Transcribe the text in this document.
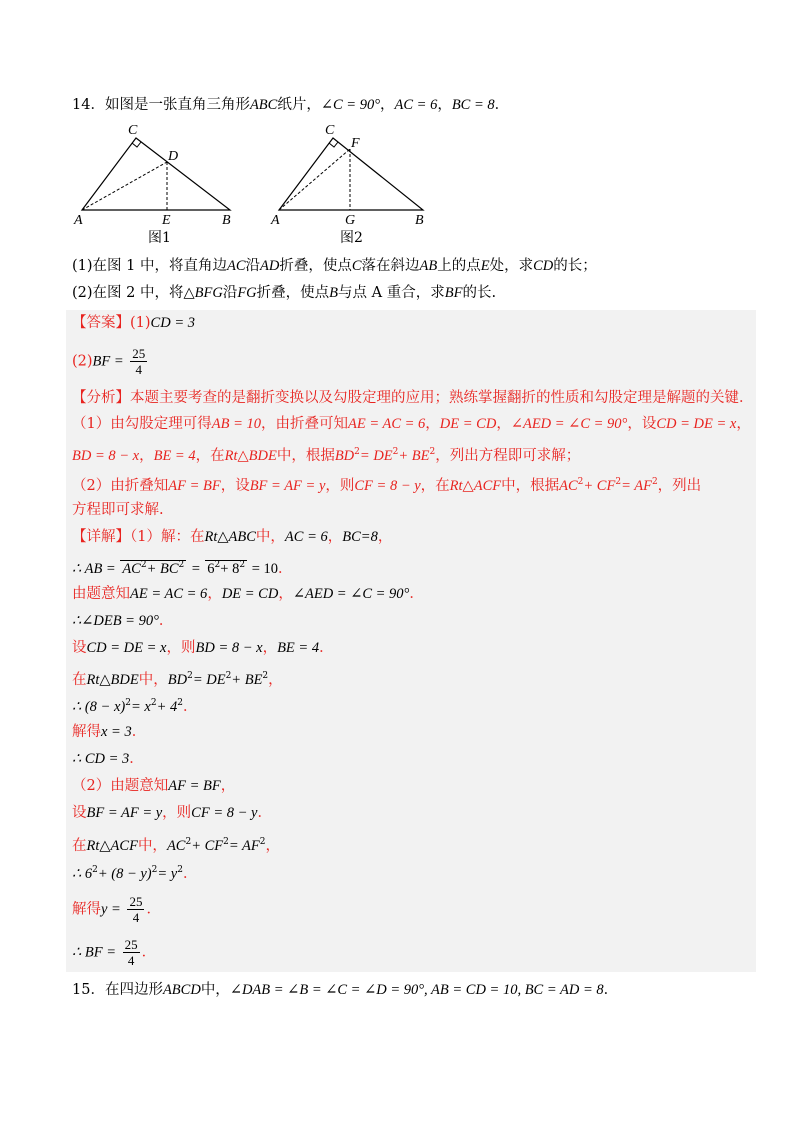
14．如图是一张直角三角形ABC纸片，∠C = 90°，AC = 6，BC = 8．
C
D
A	E	B
图1
C
F
A	G	B
图2
(1)在图 1 中，将直角边AC沿AD折叠，使点C落在斜边AB上的点E处，求CD的长；
(2)在图 2 中，将△BFG沿FG折叠，使点B与点 A 重合，求BF的长.
【答案】(1)CD = 3
$(2)BF = \frac{25}{4}$
【分析】本题主要考查的是翻折变换以及勾股定理的应用；熟练掌握翻折的性质和勾股定理是解题的关键．
（1）由勾股定理可得AB = 10，由折叠可知AE = AC = 6，DE = CD，∠AED = ∠C = 90°，设CD = DE = x，
BD = 8 − x，BE = 4，在Rt△BDE中，根据$BD^2= DE^2+ BE^2$，列出方程即可求解；
（2）由折叠知AF = BF，设BF = AF = y，则CF = 8 − y，在Rt△ACF中，根据$AC^2+ CF^2= AF^2$，列出
方程即可求解.
【详解】（1）解：在Rt△ABC中，AC = 6，BC=8，
∴ AB = $AC^2+ BC^2 = 6^2+ 8^2 = 10$．
由题意知AE = AC = 6，DE = CD，∠AED = ∠C = 90°．
∴∠DEB = 90°．
设CD = DE = x，则BD = 8 − x，BE = 4．
在Rt△BDE中，$BD^2= DE^2+ BE^2$，
∴ $(8 - x)^2= x^2+ 4^2$．
解得x = 3．
∴ CD = 3．
（2）由题意知AF = BF，
设BF = AF = y，则CF = 8 − y．
在Rt△ACF中，$AC^2+ CF^2= AF^2$，
∴ $6^2+ (8 - y)^2= y^2$．
解得$y = \frac{25}{4}$ ．
∴ BF = $\frac{25}{4}$ ．
15．在四边形ABCD中，∠DAB = ∠B = ∠C = ∠D = 90°, AB = CD = 10, BC = AD = 8．
